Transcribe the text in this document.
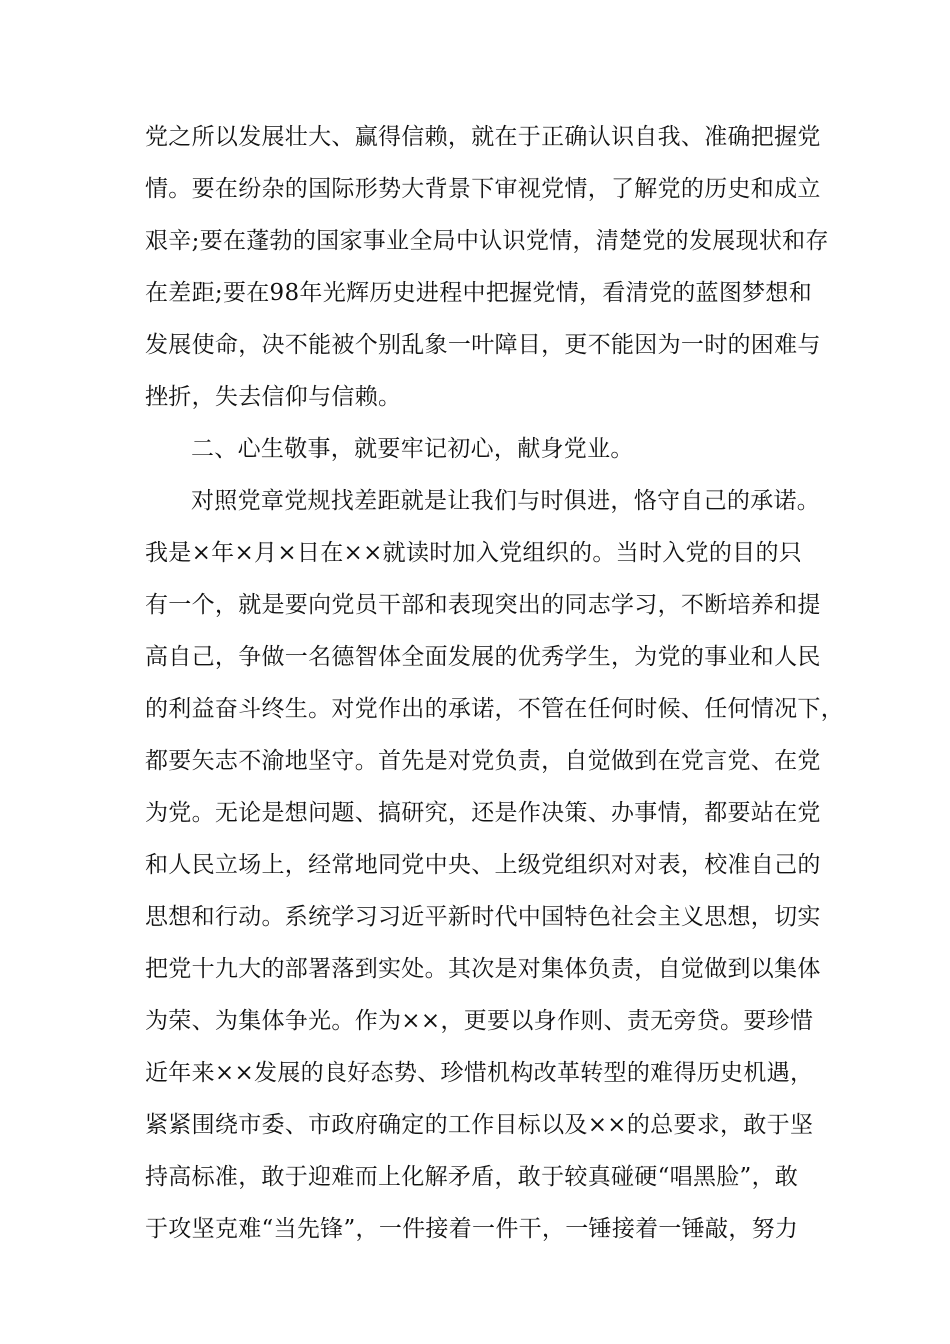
党之所以发展壮大、赢得信赖，就在于正确认识自我、准确把握党
情。要在纷杂的国际形势大背景下审视党情，了解党的历史和成立
艰辛;要在蓬勃的国家事业全局中认识党情，清楚党的发展现状和存
在差距;要在98年光辉历史进程中把握党情，看清党的蓝图梦想和
发展使命，决不能被个别乱象一叶障目，更不能因为一时的困难与
挫折，失去信仰与信赖。
二、心生敬事，就要牢记初心，献身党业。
对照党章党规找差距就是让我们与时俱进，恪守自己的承诺。
我是×年×月×日在××就读时加入党组织的。当时入党的目的只
有一个，就是要向党员干部和表现突出的同志学习，不断培养和提
高自己，争做一名德智体全面发展的优秀学生，为党的事业和人民
的利益奋斗终生。对党作出的承诺，不管在任何时候、任何情况下，
都要矢志不渝地坚守。首先是对党负责，自觉做到在党言党、在党
为党。无论是想问题、搞研究，还是作决策、办事情，都要站在党
和人民立场上，经常地同党中央、上级党组织对对表，校准自己的
思想和行动。系统学习习近平新时代中国特色社会主义思想，切实
把党十九大的部署落到实处。其次是对集体负责，自觉做到以集体
为荣、为集体争光。作为××，更要以身作则、责无旁贷。要珍惜
近年来××发展的良好态势、珍惜机构改革转型的难得历史机遇，
紧紧围绕市委、市政府确定的工作目标以及××的总要求，敢于坚
持高标准，敢于迎难而上化解矛盾，敢于较真碰硬“唱黑脸”，敢
于攻坚克难“当先锋”，一件接着一件干，一锤接着一锤敲，努力
